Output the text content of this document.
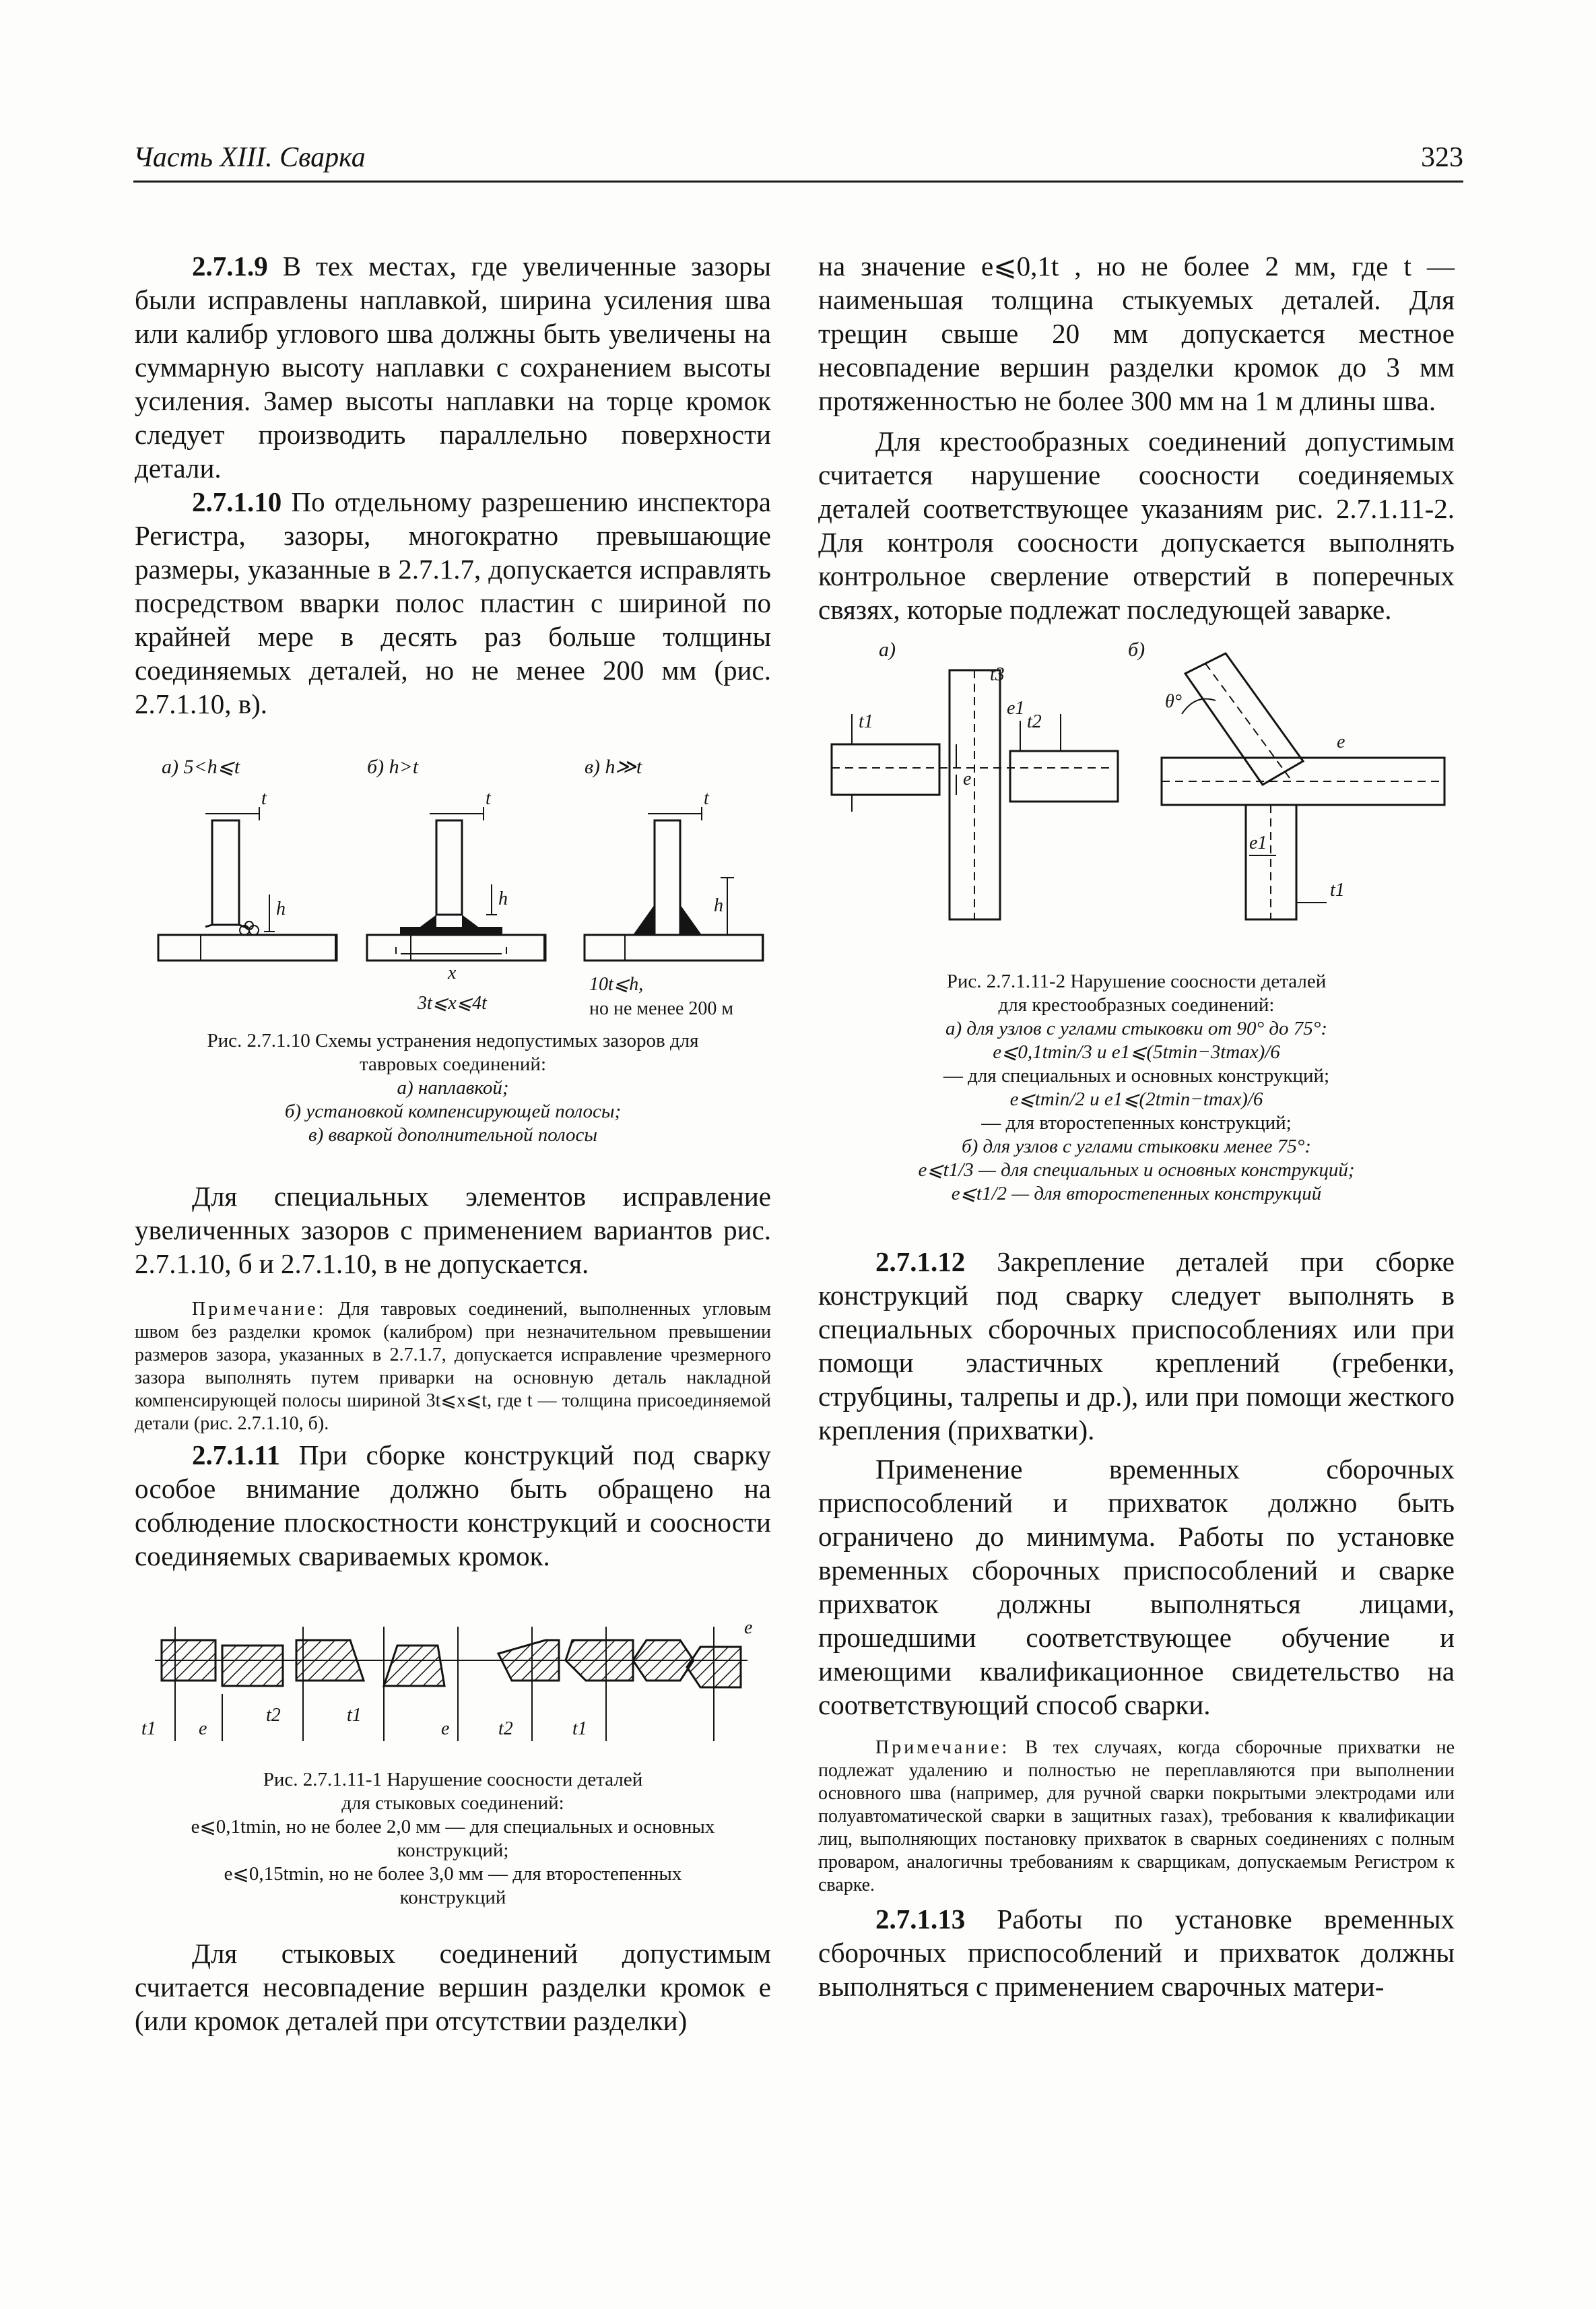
Часть XIII. Сварка	323

2.7.1.9 В тех местах, где увеличенные зазоры были исправлены наплавкой, ширина усиления шва или калибр углового шва должны быть увеличены на суммарную высоту наплавки с сохранением высоты усиления. Замер высоты наплавки на торце кромок следует производить параллельно поверхности детали.

2.7.1.10 По отдельному разрешению инспектора Регистра, зазоры, многократно превышающие размеры, указанные в 2.7.1.7, допускается исправлять посредством вварки полос пластин с шириной по крайней мере в десять раз больше толщины соединяемых деталей, но не менее 200 мм (рис. 2.7.1.10, в).

а) 5<h⩽t	б) h>t	в) h≫t
t
h
t
h
x
t
h
3t⩽x⩽4t
10t⩽h,
но не менее 200 м

Рис. 2.7.1.10 Схемы устранения недопустимых зазоров для

тавровых соединений:

а) наплавкой;

б) установкой компенсирующей полосы;

в) вваркой дополнительной полосы

Для специальных элементов исправление увеличенных зазоров с применением вариантов рис. 2.7.1.10, б и 2.7.1.10, в не допускается.

Примечание: Для тавровых соединений, выполненных угловым швом без разделки кромок (калибром) при незначительном превышении размеров зазора, указанных в 2.7.1.7, допускается исправление чрезмерного зазора выполнять путем приварки на основную деталь накладной компенсирующей полосы шириной 3t⩽x⩽t, где t — толщина присоединяемой детали (рис. 2.7.1.10, б).

2.7.1.11 При сборке конструкций под сварку особое внимание должно быть обращено на соблюдение плоскостности конструкций и соосности соединяемых свариваемых кромок.

t1 e
t2	t1
e	t2	t1
e

Рис. 2.7.1.11-1 Нарушение соосности деталей

для стыковых соединений:

e⩽0,1tmin, но не более 2,0 мм — для специальных и основных

конструкций;

e⩽0,15tmin, но не более 3,0 мм — для второстепенных

конструкций

Для стыковых соединений допустимым считается несовпадение вершин разделки кромок e (или кромок деталей при отсутствии разделки)

на значение e⩽0,1t , но не более 2 мм, где t — наименьшая толщина стыкуемых деталей. Для трещин свыше 20 мм допускается местное несовпадение вершин разделки кромок до 3 мм протяженностью не более 300 мм на 1 м длины шва.

Для крестообразных соединений допустимым считается нарушение соосности соединяемых деталей соответствующее указаниям рис. 2.7.1.11-2. Для контроля соосности допускается выполнять контрольное сверление отверстий в поперечных связях, которые подлежат последующей заварке.

а)	б)
t1
e1
t2
t3
e
θ°
e
e1
t1

Рис. 2.7.1.11-2 Нарушение соосности деталей

для крестообразных соединений:

а) для узлов с углами стыковки от 90° до 75°:

e⩽0,1tmin/3 и e1⩽(5tmin−3tmax)/6

— для специальных и основных конструкций;

e⩽tmin/2 и e1⩽(2tmin−tmax)/6

— для второстепенных конструкций;

б) для узлов с углами стыковки менее 75°:

e⩽t1/3 — для специальных и основных конструкций;

e⩽t1/2 — для второстепенных конструкций

2.7.1.12 Закрепление деталей при сборке конструкций под сварку следует выполнять в специальных сборочных приспособлениях или при помощи эластичных креплений (гребенки, струбцины, талрепы и др.), или при помощи жесткого крепления (прихватки).

Применение временных сборочных приспособлений и прихваток должно быть ограничено до минимума. Работы по установке временных сборочных приспособлений и сварке прихваток должны выполняться лицами, прошедшими соответствующее обучение и имеющими квалификационное свидетельство на соответствующий способ сварки.

Примечание: В тех случаях, когда сборочные прихватки не подлежат удалению и полностью не переплавляются при выполнении основного шва (например, для ручной сварки покрытыми электродами или полуавтоматической сварки в защитных газах), требования к квалификации лиц, выполняющих постановку прихваток в сварных соединениях с полным проваром, аналогичны требованиям к сварщикам, допускаемым Регистром к сварке.

2.7.1.13 Работы по установке временных сборочных приспособлений и прихваток должны выполняться с применением сварочных матери-
